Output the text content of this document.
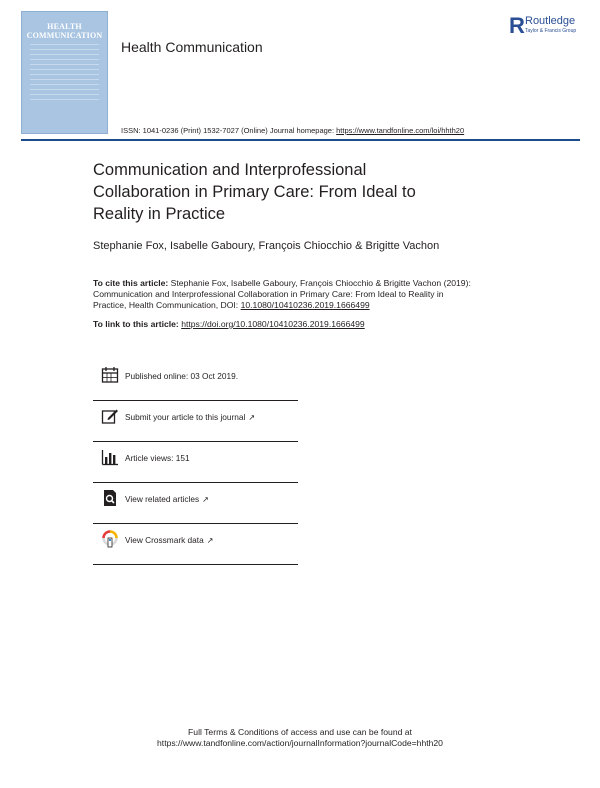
HEALTH
COMMUNICATION
Health Communication
R Routledge
Taylor & Francis Group
ISSN: 1041-0236 (Print) 1532-7027 (Online) Journal homepage: https://www.tandfonline.com/loi/hhth20
Communication and Interprofessional
Collaboration in Primary Care: From Ideal to
Reality in Practice
Stephanie Fox, Isabelle Gaboury, François Chiocchio & Brigitte Vachon
To cite this article: Stephanie Fox, Isabelle Gaboury, François Chiocchio & Brigitte Vachon (2019):
Communication and Interprofessional Collaboration in Primary Care: From Ideal to Reality in
Practice, Health Communication, DOI: 10.1080/10410236.2019.1666499
To link to this article: https://doi.org/10.1080/10410236.2019.1666499
Published online: 03 Oct 2019.
Submit your article to this journal ↗
Article views: 151
View related articles ↗
View Crossmark data ↗
Full Terms & Conditions of access and use can be found at
https://www.tandfonline.com/action/journalInformation?journalCode=hhth20
